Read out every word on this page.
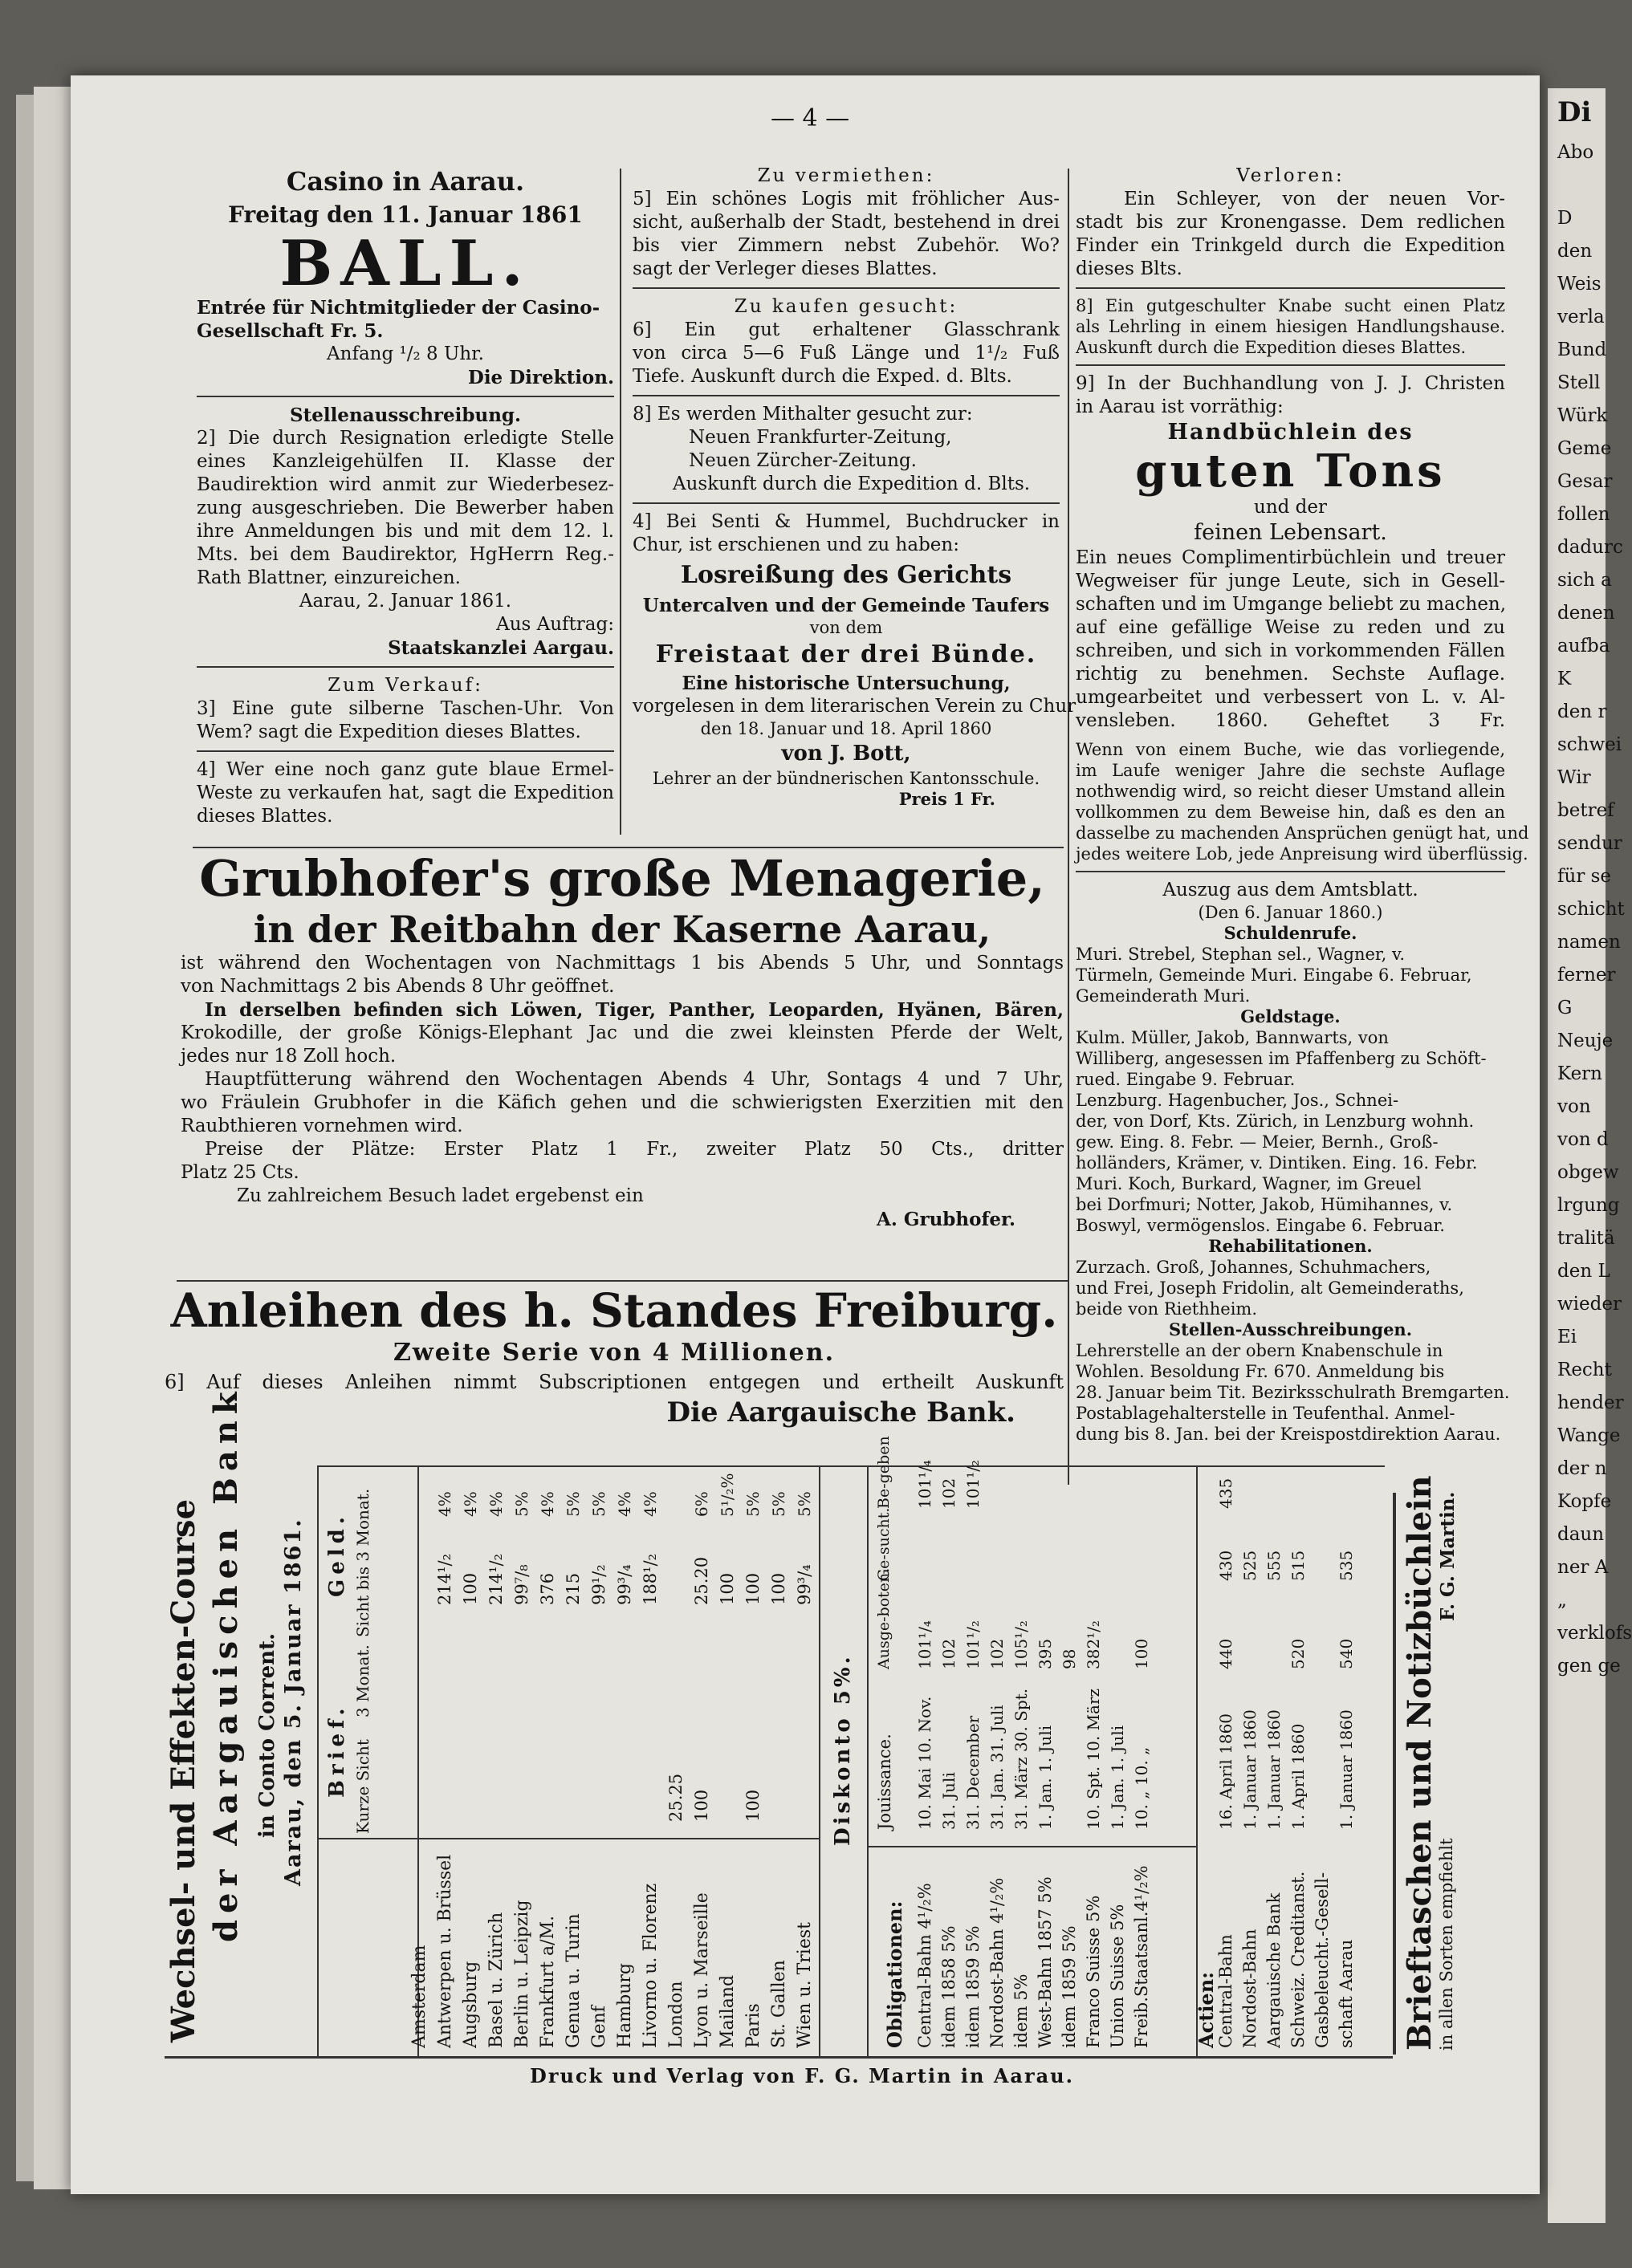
Di
Abo

D
den
Weis
verla
Bund
Stell
Würk
Geme
Gesar
follen
dadurc
sich a
denen
aufba
K
den r
schwei
Wir
betref
sendur
für se
schicht
namen
ferner
G
Neuje
Kern
von
von d
obgew
lrgung
tralitä
den L
wieder
Ei
Recht
hender
Wange
der n
Kopfe
daun
ner A
„
verklofs
gen ge
— 4 —
Casino in Aarau.
Freitag den 11. Januar 1861
BALL.
Entrée für Nichtmitglieder der Casino-
Gesellschaft Fr. 5.
Anfang ¹/₂ 8 Uhr.
Die Direktion.
Stellenausschreibung.
2] Die durch Resignation erledigte Stelle
eines Kanzleigehülfen II. Klasse der
Baudirektion wird anmit zur Wiederbesez-
zung ausgeschrieben. Die Bewerber haben
ihre Anmeldungen bis und mit dem 12. l.
Mts. bei dem Baudirektor, HgHerrn Reg.-
Rath Blattner, einzureichen.
Aarau, 2. Januar 1861.
Aus Auftrag:
Staatskanzlei Aargau.
Zum Verkauf:
3] Eine gute silberne Taschen-Uhr. Von
Wem? sagt die Expedition dieses Blattes.
4] Wer eine noch ganz gute blaue Ermel-
Weste zu verkaufen hat, sagt die Expedition
dieses Blattes.
Zu vermiethen:
5] Ein schönes Logis mit fröhlicher Aus-
sicht, außerhalb der Stadt, bestehend in drei
bis vier Zimmern nebst Zubehör. Wo?
sagt der Verleger dieses Blattes.
Zu kaufen gesucht:
6] Ein gut erhaltener Glasschrank
von circa 5—6 Fuß Länge und 1¹/₂ Fuß
Tiefe. Auskunft durch die Exped. d. Blts.
8] Es werden Mithalter gesucht zur:
Neuen Frankfurter-Zeitung,
Neuen Zürcher-Zeitung.
Auskunft durch die Expedition d. Blts.
4] Bei Senti & Hummel, Buchdrucker in
Chur, ist erschienen und zu haben:
Losreißung des Gerichts
Untercalven und der Gemeinde Taufers
von dem
Freistaat der drei Bünde.
Eine historische Untersuchung,
vorgelesen in dem literarischen Verein zu Chur
den 18. Januar und 18. April 1860
von J. Bott,
Lehrer an der bündnerischen Kantonsschule.
Preis 1 Fr.
Verloren:
Ein Schleyer, von der neuen Vor-
stadt bis zur Kronengasse. Dem redlichen
Finder ein Trinkgeld durch die Expedition
dieses Blts.
8] Ein gutgeschulter Knabe sucht einen Platz
als Lehrling in einem hiesigen Handlungshause.
Auskunft durch die Expedition dieses Blattes.
9] In der Buchhandlung von J. J. Christen
in Aarau ist vorräthig:
Handbüchlein des
guten Tons
und der
feinen Lebensart.
Ein neues Complimentirbüchlein und treuer
Wegweiser für junge Leute, sich in Gesell-
schaften und im Umgange beliebt zu machen,
auf eine gefällige Weise zu reden und zu
schreiben, und sich in vorkommenden Fällen
richtig zu benehmen. Sechste Auflage.
umgearbeitet und verbessert von L. v. Al-
vensleben. 1860. Geheftet 3 Fr.
Wenn von einem Buche, wie das vorliegende,
im Laufe weniger Jahre die sechste Auflage
nothwendig wird, so reicht dieser Umstand allein
vollkommen zu dem Beweise hin, daß es den an
dasselbe zu machenden Ansprüchen genügt hat, und
jedes weitere Lob, jede Anpreisung wird überflüssig.
Auszug aus dem Amtsblatt.
(Den 6. Januar 1860.)
Schuldenrufe.
Muri. Strebel, Stephan sel., Wagner, v.
Türmeln, Gemeinde Muri. Eingabe 6. Februar,
Gemeinderath Muri.
Geldstage.
Kulm. Müller, Jakob, Bannwarts, von
Williberg, angesessen im Pfaffenberg zu Schöft-
rued. Eingabe 9. Februar.
Lenzburg. Hagenbucher, Jos., Schnei-
der, von Dorf, Kts. Zürich, in Lenzburg wohnh.
gew. Eing. 8. Febr. — Meier, Bernh., Groß-
holländers, Krämer, v. Dintiken. Eing. 16. Febr.
Muri. Koch, Burkard, Wagner, im Greuel
bei Dorfmuri; Notter, Jakob, Hümihannes, v.
Boswyl, vermögenslos. Eingabe 6. Februar.
Rehabilitationen.
Zurzach. Groß, Johannes, Schuhmachers,
und Frei, Joseph Fridolin, alt Gemeinderaths,
beide von Riethheim.
Stellen-Ausschreibungen.
Lehrerstelle an der obern Knabenschule in
Wohlen. Besoldung Fr. 670. Anmeldung bis
28. Januar beim Tit. Bezirksschulrath Bremgarten.
Postablagehalterstelle in Teufenthal. Anmel-
dung bis 8. Jan. bei der Kreispostdirektion Aarau.
Grubhofer's große Menagerie,
in der Reitbahn der Kaserne Aarau,
ist während den Wochentagen von Nachmittags 1 bis Abends 5 Uhr, und Sonntags
von Nachmittags 2 bis Abends 8 Uhr geöffnet.
In derselben befinden sich Löwen, Tiger, Panther, Leoparden, Hyänen, Bären,
Krokodille, der große Königs-Elephant Jac und die zwei kleinsten Pferde der Welt,
jedes nur 18 Zoll hoch.
Hauptfütterung während den Wochentagen Abends 4 Uhr, Sontags 4 und 7 Uhr,
wo Fräulein Grubhofer in die Käfich gehen und die schwierigsten Exerzitien mit den
Raubthieren vornehmen wird.
Preise der Plätze: Erster Platz 1 Fr., zweiter Platz 50 Cts., dritter
Platz 25 Cts.
Zu zahlreichem Besuch ladet ergebenst ein
A. Grubhofer.
Anleihen des h. Standes Freiburg.
Zweite Serie von 4 Millionen.
6] Auf dieses Anleihen nimmt Subscriptionen entgegen und ertheilt Auskunft
Die Aargauische Bank.
Wechsel- und Effekten-Course der Aargauischen Bank in Conto Corrent. Aarau, den 5. Januar 1861.
Amsterdam Antwerpen u. Brüssel Augsburg Basel u. Zürich Berlin u. Leipzig Frankfurt a/M. Genua u. Turin Genf Hamburg Livorno u. Florenz London Lyon u. Marseille Mailand Paris St. Gallen Wien u. Triest
Brief. Kurze Sicht
3 Monat.
Geld. Sicht bis 3 Monat.
25.25 100 100
214¹/₂ 100 214¹/₂ 99⁷/₈ 376 215 99¹/₂ 99³/₄ 188¹/₂ 25.20 100 100 100 99³/₄
4% 4% 4% 5% 4% 5% 5% 4% 4% 6% 5¹/₂% 5% 5% 5%
Diskonto 5%.
Obligationen: Central-Bahn 4¹/₂% idem 1858 5% idem 1859 5% Nordost-Bahn 4¹/₂% idem 5% West-Bahn 1857 5% idem 1859 5% Franco Suisse 5% Union Suisse 5% Freib.Staatsanl.4¹/₂%
Jouissance. 10. Mai 10. Nov. 31. Juli 31. December 31. Jan. 31. Juli 31. März 30. Spt. 1. Jan. 1. Juli 10. Spt. 10. März 1. Jan. 1. Juli 10. „ 10. „
Ausge-boten. 101¹/₄ 102 101¹/₂ 102 105¹/₂ 395 98 382¹/₂ 100
Ge-sucht.
Be-geben 101¹/₄ 102 101¹/₂
Actien:
Central-Bahn Nordost-Bahn Aargauische Bank Schweiz. Creditanst. Gasbeleucht.-Gesell- schaft Aarau
16. April 1860 1. Januar 1860 1. Januar 1860 1. April 1860 1. Januar 1860
440	520 540
430 525 555 515 535
435	Brieftaschen und Notizbüchlein
in allen Sorten empfiehlt
F. G. Martin.
Druck und Verlag von F. G. Martin in Aarau.
